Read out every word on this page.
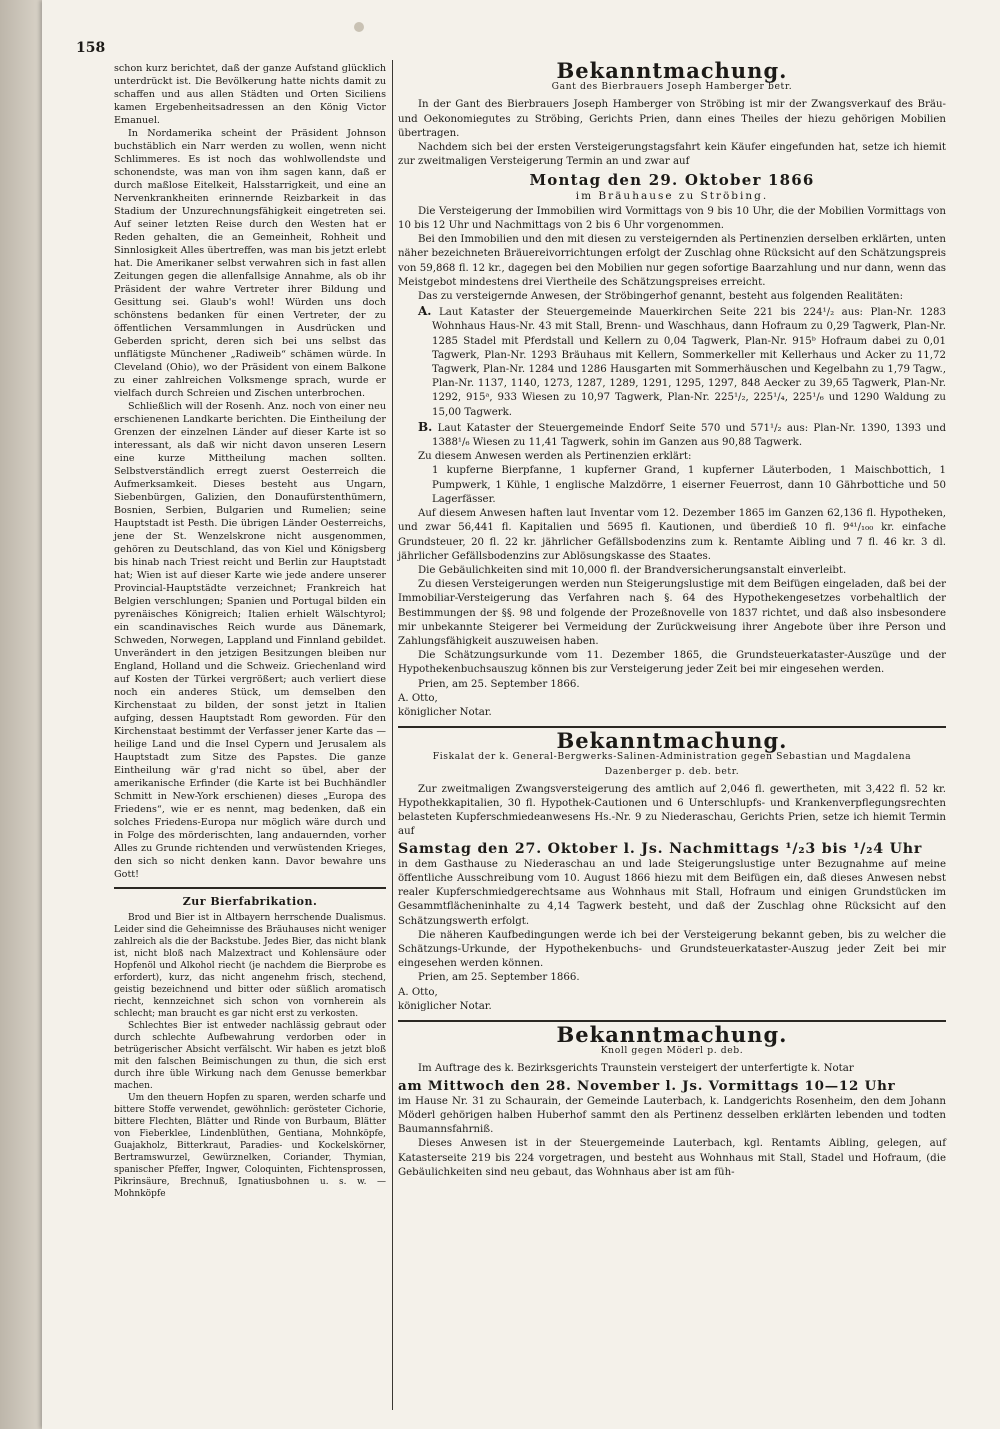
158

schon kurz berichtet, daß der ganze Aufstand glücklich unterdrückt ist. Die Bevölkerung hatte nichts damit zu schaffen und aus allen Städten und Orten Siciliens kamen Ergebenheitsadressen an den König Victor Emanuel.

In Nordamerika scheint der Präsident Johnson buchstäblich ein Narr werden zu wollen, wenn nicht Schlimmeres. Es ist noch das wohlwollendste und schonendste, was man von ihm sagen kann, daß er durch maßlose Eitelkeit, Halsstarrigkeit, und eine an Nervenkrankheiten erinnernde Reizbarkeit in das Stadium der Unzurechnungsfähigkeit eingetreten sei. Auf seiner letzten Reise durch den Westen hat er Reden gehalten, die an Gemeinheit, Rohheit und Sinnlosigkeit Alles übertreffen, was man bis jetzt erlebt hat. Die Amerikaner selbst verwahren sich in fast allen Zeitungen gegen die allenfallsige Annahme, als ob ihr Präsident der wahre Vertreter ihrer Bildung und Gesittung sei. Glaub's wohl! Würden uns doch schönstens bedanken für einen Vertreter, der zu öffentlichen Versammlungen in Ausdrücken und Geberden spricht, deren sich bei uns selbst das unflätigste Münchener „Radiweib“ schämen würde. In Cleveland (Ohio), wo der Präsident von einem Balkone zu einer zahlreichen Volksmenge sprach, wurde er vielfach durch Schreien und Zischen unterbrochen.

Schließlich will der Rosenh. Anz. noch von einer neu erschienenen Landkarte berichten. Die Eintheilung der Grenzen der einzelnen Länder auf dieser Karte ist so interessant, als daß wir nicht davon unseren Lesern eine kurze Mittheilung machen sollten. Selbstverständlich erregt zuerst Oesterreich die Aufmerksamkeit. Dieses besteht aus Ungarn, Siebenbürgen, Galizien, den Donaufürstenthümern, Bosnien, Serbien, Bulgarien und Rumelien; seine Hauptstadt ist Pesth. Die übrigen Länder Oesterreichs, jene der St. Wenzelskrone nicht ausgenommen, gehören zu Deutschland, das von Kiel und Königsberg bis hinab nach Triest reicht und Berlin zur Hauptstadt hat; Wien ist auf dieser Karte wie jede andere unserer Provincial-Hauptstädte verzeichnet; Frankreich hat Belgien verschlungen; Spanien und Portugal bilden ein pyrenäisches Königreich; Italien erhielt Wälschtyrol; ein scandinavisches Reich wurde aus Dänemark, Schweden, Norwegen, Lappland und Finnland gebildet. Unverändert in den jetzigen Besitzungen bleiben nur England, Holland und die Schweiz. Griechenland wird auf Kosten der Türkei vergrößert; auch verliert diese noch ein anderes Stück, um demselben den Kirchenstaat zu bilden, der sonst jetzt in Italien aufging, dessen Hauptstadt Rom geworden. Für den Kirchenstaat bestimmt der Verfasser jener Karte das — heilige Land und die Insel Cypern und Jerusalem als Hauptstadt zum Sitze des Papstes. Die ganze Eintheilung wär g'rad nicht so übel, aber der amerikanische Erfinder (die Karte ist bei Buchhändler Schmitt in New-York erschienen) dieses „Europa des Friedens“, wie er es nennt, mag bedenken, daß ein solches Friedens-Europa nur möglich wäre durch und in Folge des mörderischten, lang andauernden, vorher Alles zu Grunde richtenden und verwüstenden Krieges, den sich so nicht denken kann. Davor bewahre uns Gott!

Zur Bierfabrikation.

Brod und Bier ist in Altbayern herrschende Dualismus. Leider sind die Geheimnisse des Bräuhauses nicht weniger zahlreich als die der Backstube. Jedes Bier, das nicht blank ist, nicht bloß nach Malzextract und Kohlensäure oder Hopfenöl und Alkohol riecht (je nachdem die Bierprobe es erfordert), kurz, das nicht angenehm frisch, stechend, geistig bezeichnend und bitter oder süßlich aromatisch riecht, kennzeichnet sich schon von vornherein als schlecht; man braucht es gar nicht erst zu verkosten.

Schlechtes Bier ist entweder nachlässig gebraut oder durch schlechte Aufbewahrung verdorben oder in betrügerischer Absicht verfälscht. Wir haben es jetzt bloß mit den falschen Beimischungen zu thun, die sich erst durch ihre üble Wirkung nach dem Genusse bemerkbar machen.

Um den theuern Hopfen zu sparen, werden scharfe und bittere Stoffe verwendet, gewöhnlich: gerösteter Cichorie, bittere Flechten, Blätter und Rinde von Burbaum, Blätter von Fieberklee, Lindenblüthen, Gentiana, Mohnköpfe, Guajakholz, Bitterkraut, Paradies- und Kockelskörner, Bertramswurzel, Gewürznelken, Coriander, Thymian, spanischer Pfeffer, Ingwer, Coloquinten, Fichtensprossen, Pikrinsäure, Brechnuß, Ignatiusbohnen u. s. w. — Mohnköpfe

Bekanntmachung.
Gant des Bierbrauers Joseph Hamberger betr.

In der Gant des Bierbrauers Joseph Hamberger von Ströbing ist mir der Zwangsverkauf des Bräu- und Oekonomiegutes zu Ströbing, Gerichts Prien, dann eines Theiles der hiezu gehörigen Mobilien übertragen.

Nachdem sich bei der ersten Versteigerungstagsfahrt kein Käufer eingefunden hat, setze ich hiemit zur zweitmaligen Versteigerung Termin an und zwar auf

Montag den 29. Oktober 1866
im Bräuhause zu Ströbing.

Die Versteigerung der Immobilien wird Vormittags von 9 bis 10 Uhr, die der Mobilien Vormittags von 10 bis 12 Uhr und Nachmittags von 2 bis 6 Uhr vorgenommen.

Bei den Immobilien und den mit diesen zu versteigernden als Pertinenzien derselben erklärten, unten näher bezeichneten Bräuereivorrichtungen erfolgt der Zuschlag ohne Rücksicht auf den Schätzungspreis von 59,868 fl. 12 kr., dagegen bei den Mobilien nur gegen sofortige Baarzahlung und nur dann, wenn das Meistgebot mindestens drei Viertheile des Schätzungspreises erreicht.

Das zu versteigernde Anwesen, der Ströbingerhof genannt, besteht aus folgenden Realitäten:

A. Laut Kataster der Steuergemeinde Mauerkirchen Seite 221 bis 224¹/₂ aus: Plan-Nr. 1283 Wohnhaus Haus-Nr. 43 mit Stall, Brenn- und Waschhaus, dann Hofraum zu 0,29 Tagwerk, Plan-Nr. 1285 Stadel mit Pferdstall und Kellern zu 0,04 Tagwerk, Plan-Nr. 915ᵇ Hofraum dabei zu 0,01 Tagwerk, Plan-Nr. 1293 Bräuhaus mit Kellern, Sommerkeller mit Kellerhaus und Acker zu 11,72 Tagwerk, Plan-Nr. 1284 und 1286 Hausgarten mit Sommerhäuschen und Kegelbahn zu 1,79 Tagw., Plan-Nr. 1137, 1140, 1273, 1287, 1289, 1291, 1295, 1297, 848 Aecker zu 39,65 Tagwerk, Plan-Nr. 1292, 915ᵃ, 933 Wiesen zu 10,97 Tagwerk, Plan-Nr. 225¹/₂, 225¹/₄, 225¹/₆ und 1290 Waldung zu 15,00 Tagwerk.

B. Laut Kataster der Steuergemeinde Endorf Seite 570 und 571¹/₂ aus: Plan-Nr. 1390, 1393 und 1388¹/₆ Wiesen zu 11,41 Tagwerk, sohin im Ganzen aus 90,88 Tagwerk.

Zu diesem Anwesen werden als Pertinenzien erklärt:

1 kupferne Bierpfanne, 1 kupferner Grand, 1 kupferner Läuterboden, 1 Maischbottich, 1 Pumpwerk, 1 Kühle, 1 englische Malzdörre, 1 eiserner Feuerrost, dann 10 Gährbottiche und 50 Lagerfässer.

Auf diesem Anwesen haften laut Inventar vom 12. Dezember 1865 im Ganzen 62,136 fl. Hypotheken, und zwar 56,441 fl. Kapitalien und 5695 fl. Kautionen, und überdieß 10 fl. 9⁴¹/₁₀₀ kr. einfache Grundsteuer, 20 fl. 22 kr. jährlicher Gefällsbodenzins zum k. Rentamte Aibling und 7 fl. 46 kr. 3 dl. jährlicher Gefällsbodenzins zur Ablösungskasse des Staates.

Die Gebäulichkeiten sind mit 10,000 fl. der Brandversicherungsanstalt einverleibt.

Zu diesen Versteigerungen werden nun Steigerungslustige mit dem Beifügen eingeladen, daß bei der Immobiliar-Versteigerung das Verfahren nach §. 64 des Hypothekengesetzes vorbehaltlich der Bestimmungen der §§. 98 und folgende der Prozeßnovelle von 1837 richtet, und daß also insbesondere mir unbekannte Steigerer bei Vermeidung der Zurückweisung ihrer Angebote über ihre Person und Zahlungsfähigkeit auszuweisen haben.

Die Schätzungsurkunde vom 11. Dezember 1865, die Grundsteuerkataster-Auszüge und der Hypothekenbuchsauszug können bis zur Versteigerung jeder Zeit bei mir eingesehen werden.

Prien, am 25. September 1866.

A. Otto,

königlicher Notar.

Bekanntmachung.
Fiskalat der k. General-Bergwerks-Salinen-Administration gegen Sebastian und Magdalena
Dazenberger p. deb. betr.

Zur zweitmaligen Zwangsversteigerung des amtlich auf 2,046 fl. gewertheten, mit 3,422 fl. 52 kr. Hypothekkapitalien, 30 fl. Hypothek-Cautionen und 6 Unterschlupfs- und Krankenverpflegungsrechten belasteten Kupferschmiedeanwesens Hs.-Nr. 9 zu Niederaschau, Gerichts Prien, setze ich hiemit Termin auf

Samstag den 27. Oktober l. Js. Nachmittags ¹/₂3 bis ¹/₂4 Uhr

in dem Gasthause zu Niederaschau an und lade Steigerungslustige unter Bezugnahme auf meine öffentliche Ausschreibung vom 10. August 1866 hiezu mit dem Beifügen ein, daß dieses Anwesen nebst realer Kupferschmiedgerechtsame aus Wohnhaus mit Stall, Hofraum und einigen Grundstücken im Gesammtflächeninhalte zu 4,14 Tagwerk besteht, und daß der Zuschlag ohne Rücksicht auf den Schätzungswerth erfolgt.

Die näheren Kaufbedingungen werde ich bei der Versteigerung bekannt geben, bis zu welcher die Schätzungs-Urkunde, der Hypothekenbuchs- und Grundsteuerkataster-Auszug jeder Zeit bei mir eingesehen werden können.

Prien, am 25. September 1866.

A. Otto,

königlicher Notar.

Bekanntmachung.
Knoll gegen Möderl p. deb.

Im Auftrage des k. Bezirksgerichts Traunstein versteigert der unterfertigte k. Notar

am Mittwoch den 28. November l. Js. Vormittags 10—12 Uhr

im Hause Nr. 31 zu Schaurain, der Gemeinde Lauterbach, k. Landgerichts Rosenheim, den dem Johann Möderl gehörigen halben Huberhof sammt den als Pertinenz desselben erklärten lebenden und todten Baumannsfahrniß.

Dieses Anwesen ist in der Steuergemeinde Lauterbach, kgl. Rentamts Aibling, gelegen, auf Katasterseite 219 bis 224 vorgetragen, und besteht aus Wohnhaus mit Stall, Stadel und Hofraum, (die Gebäulichkeiten sind neu gebaut, das Wohnhaus aber ist am füh-
